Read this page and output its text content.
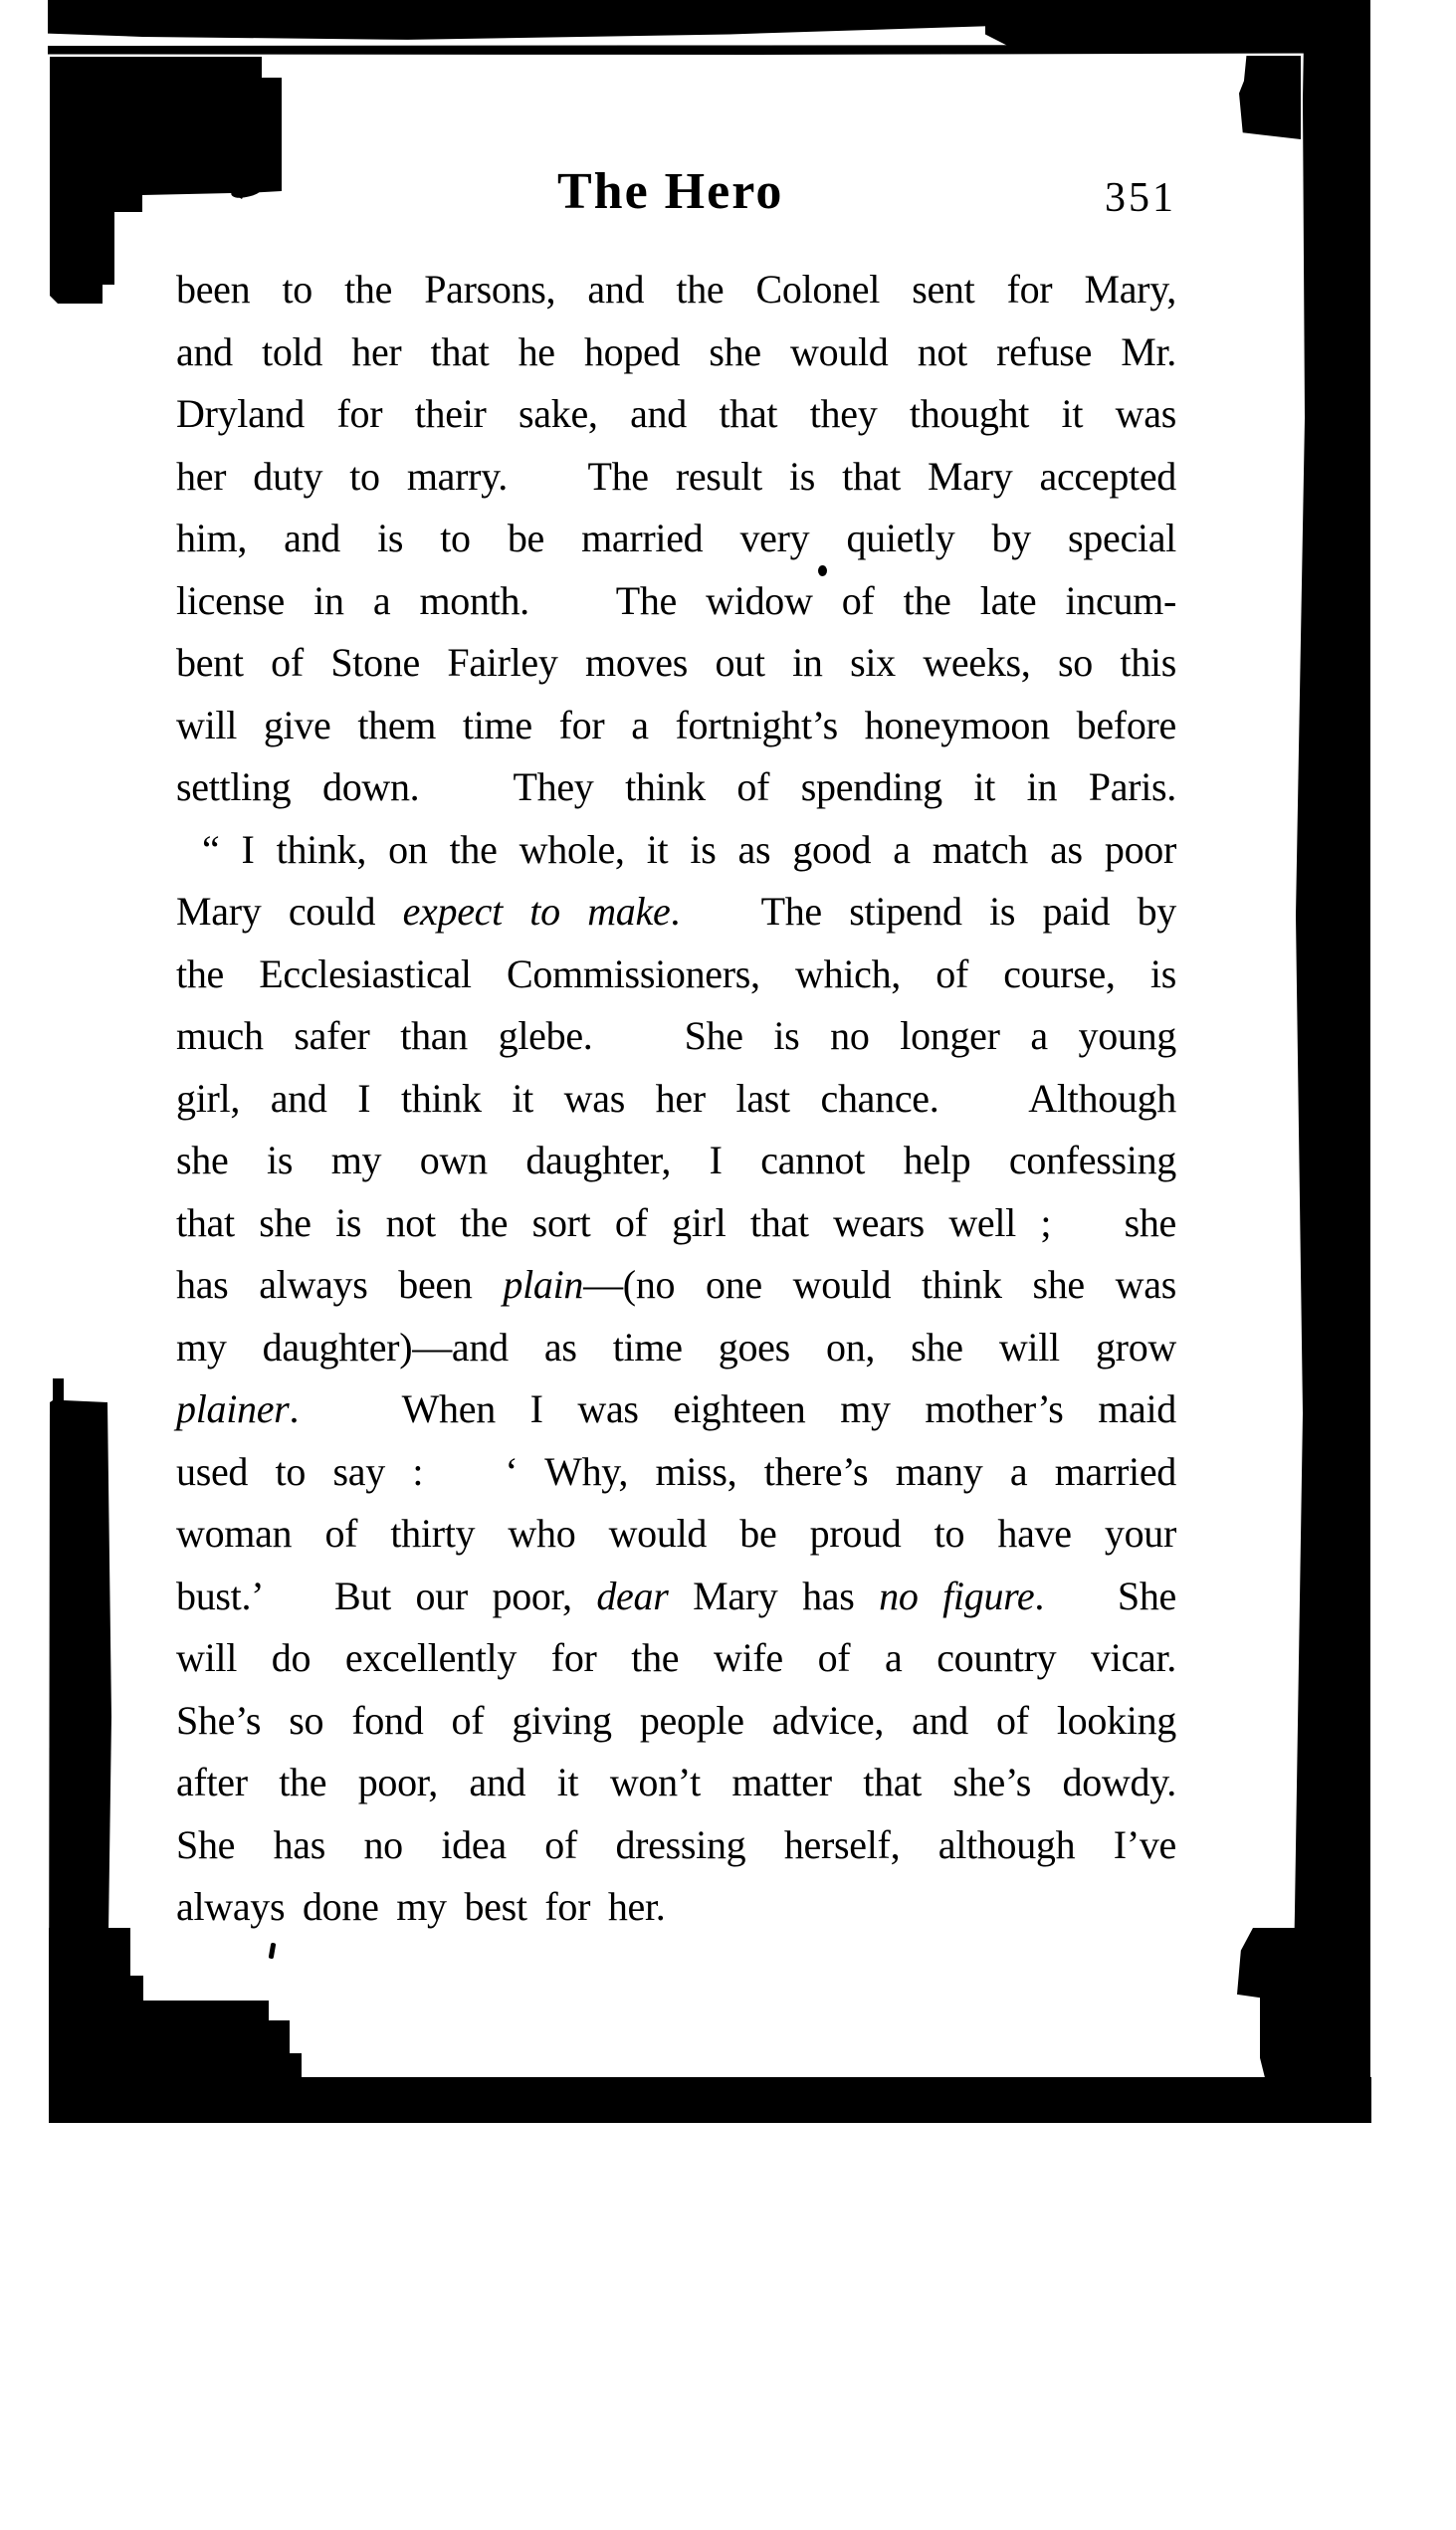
The Hero	351
been to the Parsons, and the Colonel sent for Mary,
and told her that he hoped she would not refuse Mr.
Dryland for their sake, and that they thought it was
her duty to marry.   The result is that Mary accepted
him, and is to be married very quietly by special
license in a month.   The widow of the late incum-
bent of Stone Fairley moves out in six weeks, so this
will give them time for a fortnight’s honeymoon before
settling down.   They think of spending it in Paris.
“ I think, on the whole, it is as good a match as poor
Mary could expect to make.   The stipend is paid by
the Ecclesiastical Commissioners, which, of course, is
much safer than glebe.   She is no longer a young
girl, and I think it was her last chance.   Although
she is my own daughter, I cannot help confessing
that she is not the sort of girl that wears well ;   she
has always been plain—(no one would think she was
my daughter)—and as time goes on, she will grow
plainer.   When I was eighteen my mother’s maid
used to say :   ‘ Why, miss, there’s many a married
woman of thirty who would be proud to have your
bust.’   But our poor, dear Mary has no figure.   She
will do excellently for the wife of a country vicar.
She’s so fond of giving people advice, and of looking
after the poor, and it won’t matter that she’s dowdy.
She has no idea of dressing herself, although I’ve
always done my best for her.
